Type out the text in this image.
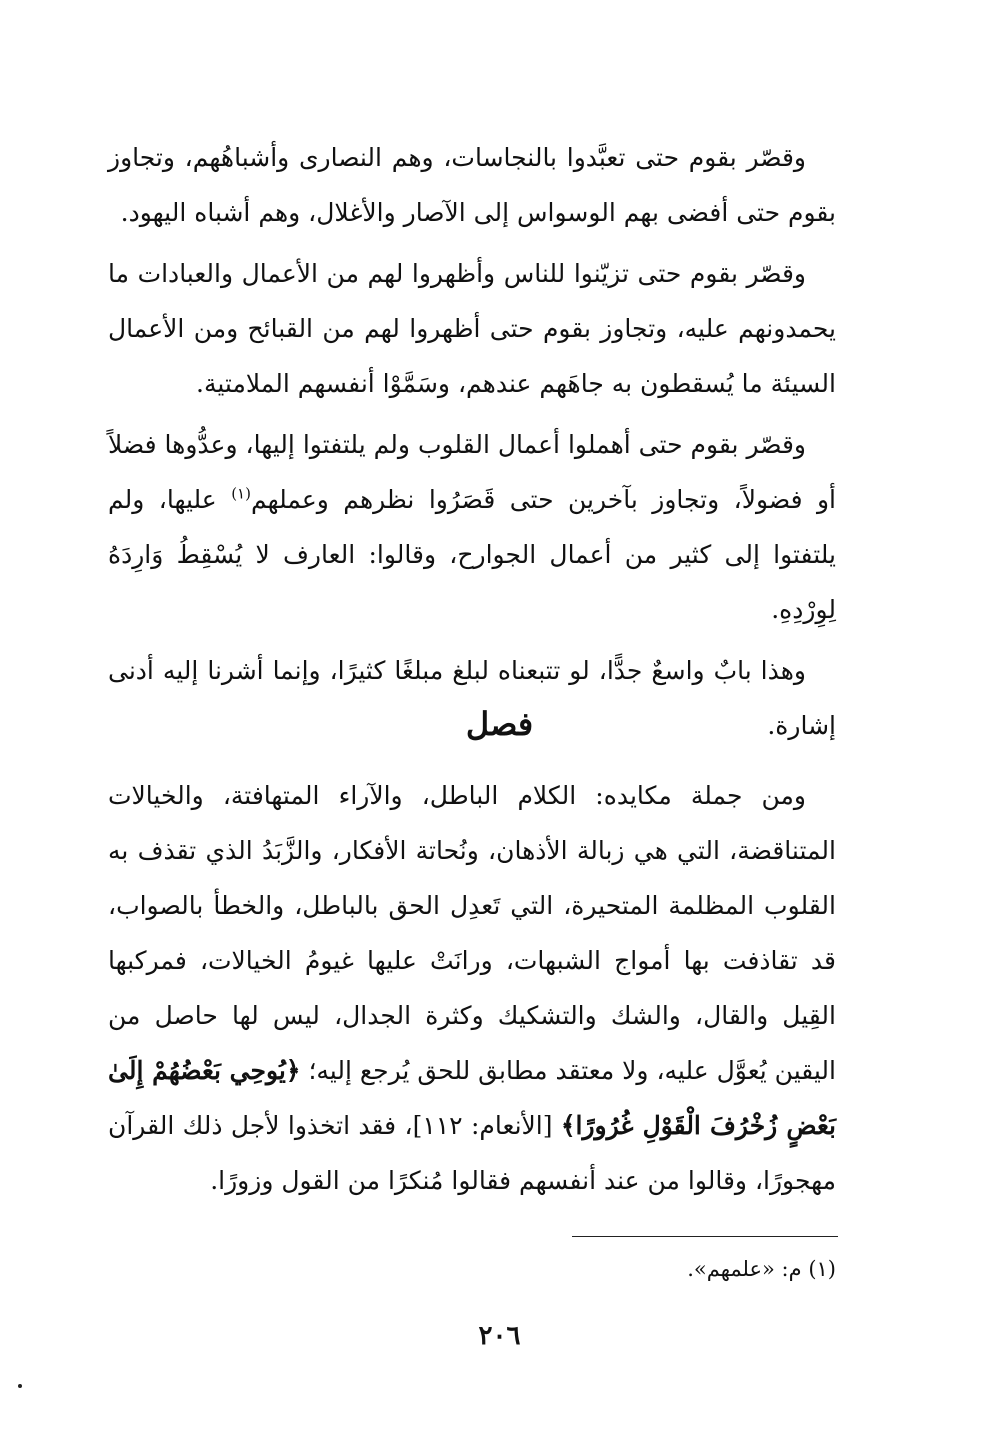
وقصّر بقوم حتى تعبَّدوا بالنجاسات، وهم النصارى وأشباهُهم، وتجاوز بقوم حتى أفضى بهم الوسواس إلى الآصار والأغلال، وهم أشباه اليهود.

وقصّر بقوم حتى تزيّنوا للناس وأظهروا لهم من الأعمال والعبادات ما يحمدونهم عليه، وتجاوز بقوم حتى أظهروا لهم من القبائح ومن الأعمال السيئة ما يُسقطون به جاهَهم عندهم، وسَمَّوْا أنفسهم الملامتية.

وقصّر بقوم حتى أهملوا أعمال القلوب ولم يلتفتوا إليها، وعدُّوها فضلاً أو فضولاً، وتجاوز بآخرين حتى قَصَرُوا نظرهم وعملهم$^{(١)}$ عليها، ولم يلتفتوا إلى كثير من أعمال الجوارح، وقالوا: العارف لا يُسْقِطُ وَارِدَهُ لِوِرْدِهِ.

وهذا بابٌ واسعٌ جدًّا، لو تتبعناه لبلغ مبلغًا كثيرًا، وإنما أشرنا إليه أدنى إشارة.

فصل

ومن جملة مكايده: الكلام الباطل، والآراء المتهافتة، والخيالات المتناقضة، التي هي زبالة الأذهان، ونُحاتة الأفكار، والزَّبَدُ الذي تقذف به القلوب المظلمة المتحيرة، التي تَعدِل الحق بالباطل، والخطأ بالصواب، قد تقاذفت بها أمواج الشبهات، ورانَتْ عليها غيومُ الخيالات، فمركبها القِيل والقال، والشك والتشكيك وكثرة الجدال، ليس لها حاصل من اليقين يُعوَّل عليه، ولا معتقد مطابق للحق يُرجع إليه؛ ﴿يُوحِي بَعْضُهُمْ إِلَىٰ بَعْضٍ زُخْرُفَ الْقَوْلِ غُرُورًا﴾ [الأنعام: ١١٢]، فقد اتخذوا لأجل ذلك القرآن مهجورًا، وقالوا من عند أنفسهم فقالوا مُنكرًا من القول وزورًا.

(١) م: «علمهم».
٢٠٦
